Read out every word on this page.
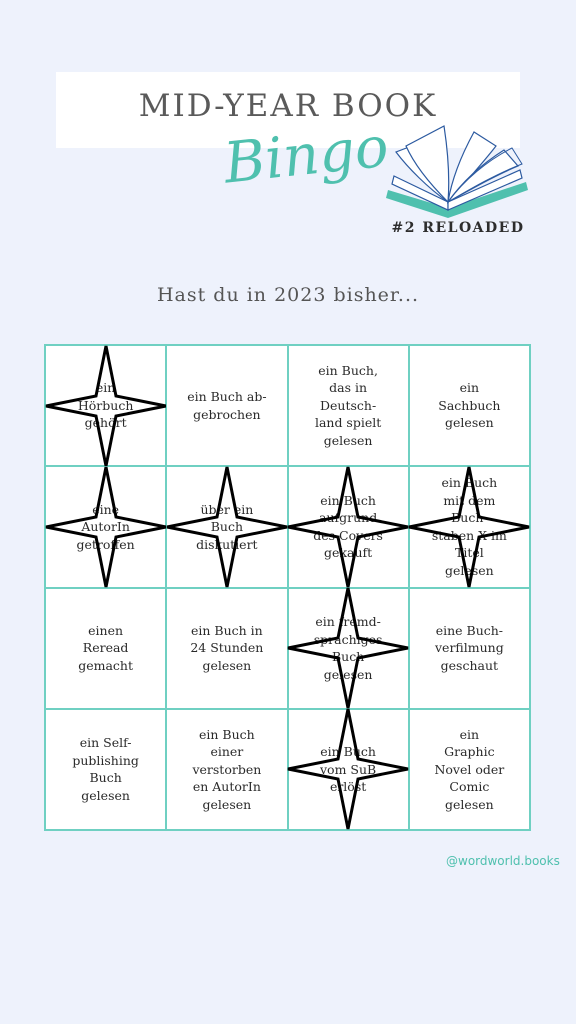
MID-YEAR BOOK
Bingo
#2 RELOADED
Hast du in 2023 bisher...
ein
Hörbuch
gehört
ein Buch ab-
gebrochen
ein Buch,
das in
Deutsch-
land spielt
gelesen
ein
Sachbuch
gelesen
eine
AutorIn
getroffen
über ein
Buch
diskutiert
ein Buch
aufgrund
des Covers
gekauft
ein Buch
mit dem
Buch-
staben X im
Titel
gelesen
einen
Reread
gemacht
ein Buch in
24 Stunden
gelesen
ein fremd-
sprachiges
Buch
gelesen
eine Buch-
verfilmung
geschaut
ein Self-
publishing
Buch
gelesen
ein Buch
einer
verstorben
en AutorIn
gelesen
ein Buch
vom SuB
erlöst
ein
Graphic
Novel oder
Comic
gelesen
@wordworld.books
